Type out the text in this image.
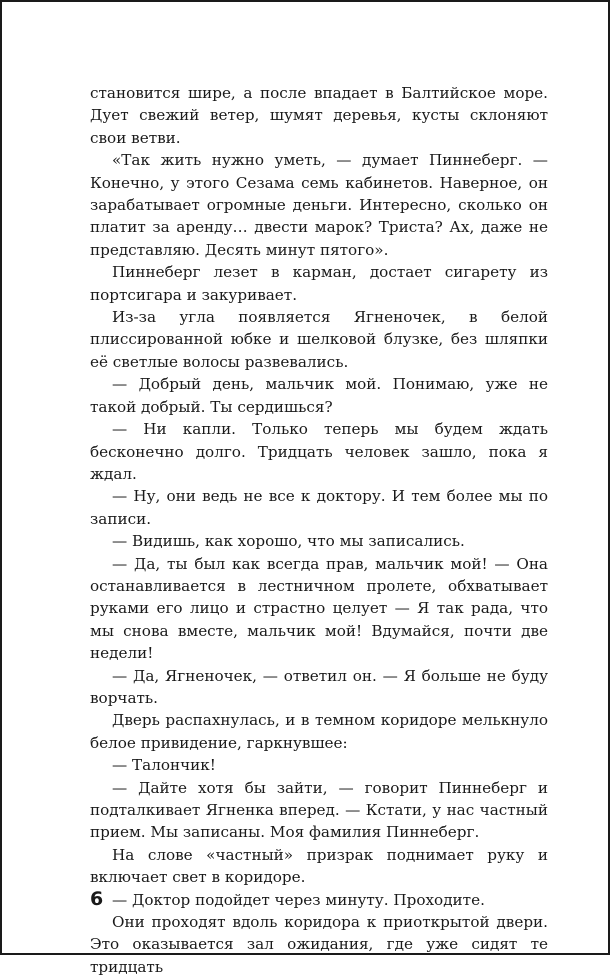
становится шире, а после впадает в Балтийское море. Дует свежий ветер, шумят деревья, кусты склоняют свои ветви.

«Так жить нужно уметь, — думает Пиннеберг. — Конечно, у этого Сезама семь кабинетов. Наверное, он зарабатывает огромные деньги. Интересно, сколько он платит за аренду… двести марок? Триста? Ах, даже не представляю. Десять минут пятого».

Пиннеберг лезет в карман, достает сигарету из портсигара и закуривает.

Из-за угла появляется Ягненочек, в белой плиссированной юбке и шелковой блузке, без шляпки её светлые волосы развевались.

— Добрый день, мальчик мой. Понимаю, уже не такой добрый. Ты сердишься?

— Ни капли. Только теперь мы будем ждать бесконечно долго. Тридцать человек зашло, пока я ждал.

— Ну, они ведь не все к доктору. И тем более мы по записи.

— Видишь, как хорошо, что мы записались.

— Да, ты был как всегда прав, мальчик мой! — Она останавливается в лестничном пролете, обхватывает руками его лицо и страстно целует — Я так рада, что мы снова вместе, мальчик мой! Вдумайся, почти две недели!

— Да, Ягненочек, — ответил он. — Я больше не буду ворчать.

Дверь распахнулась, и в темном коридоре мелькнуло белое привидение, гаркнувшее:

— Талончик!

— Дайте хотя бы зайти, — говорит Пиннеберг и подталкивает Ягненка вперед. — Кстати, у нас частный прием. Мы записаны. Моя фамилия Пиннеберг.

На слове «частный» призрак поднимает руку и включает свет в коридоре.

— Доктор подойдет через минуту. Проходите.

Они проходят вдоль коридора к приоткрытой двери. Это оказывается зал ожидания, где уже сидят те тридцать

6
